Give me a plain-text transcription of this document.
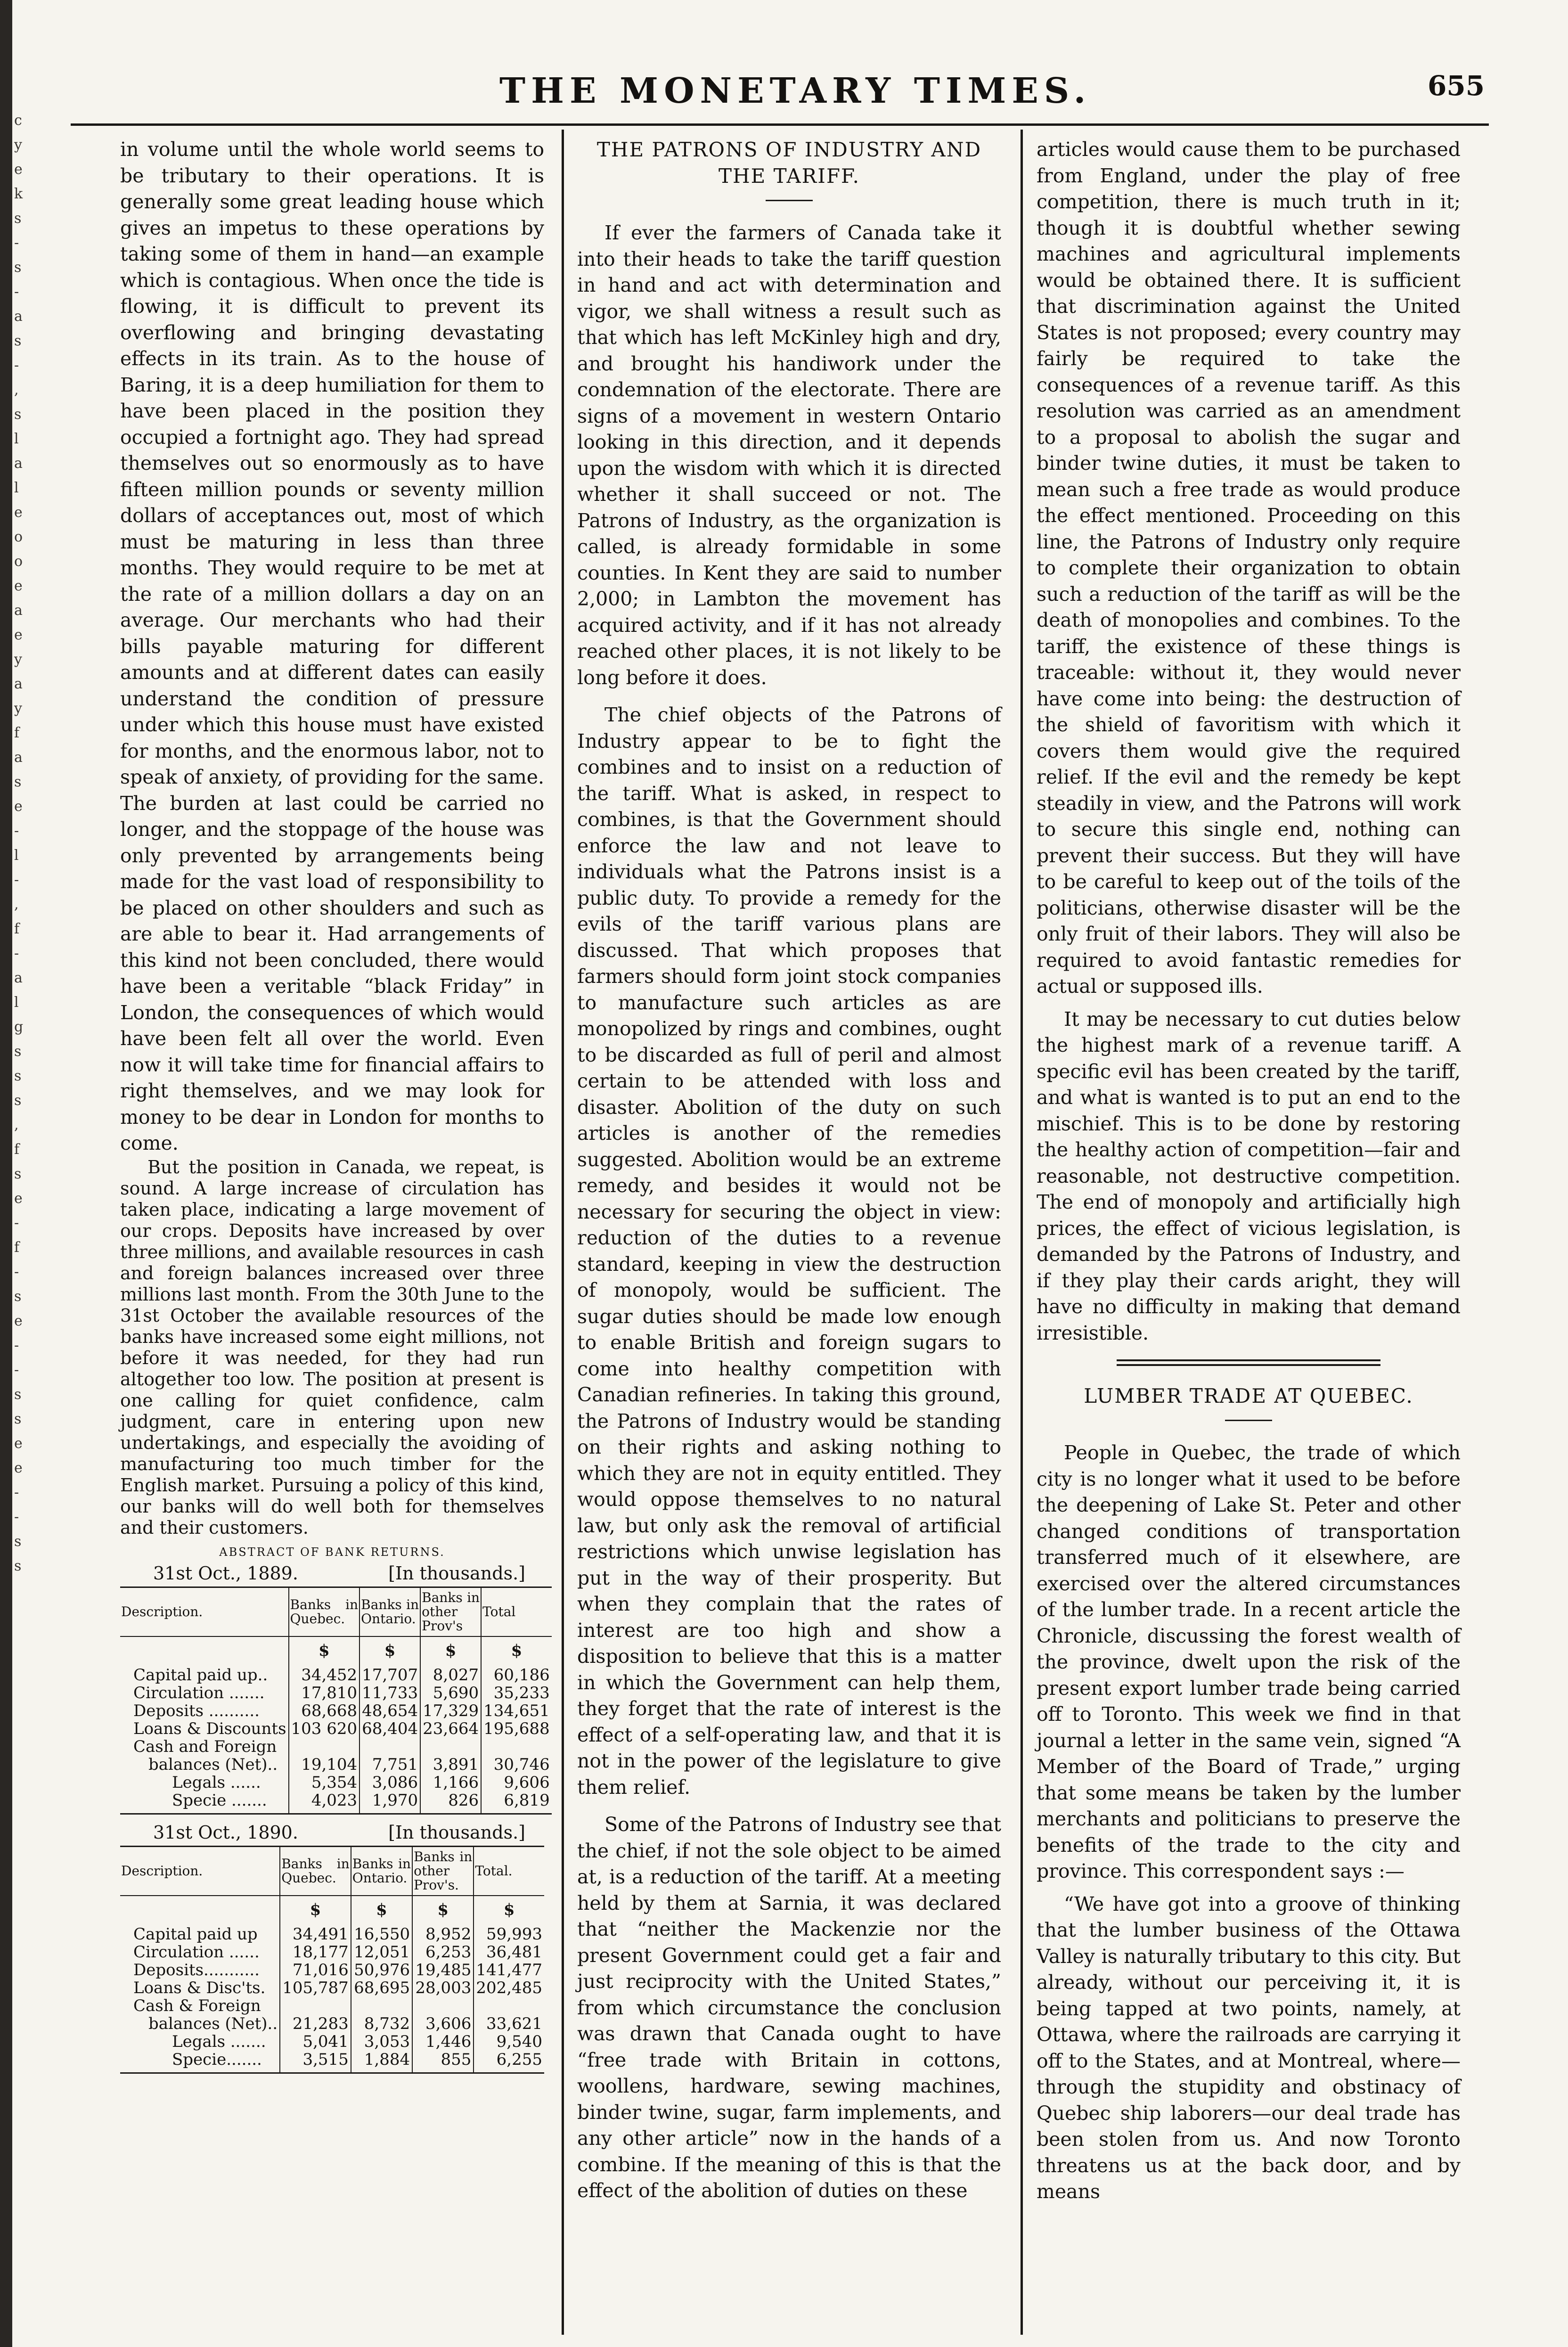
c
y
e
k
s
-
s
-
a
s
-
,
s
l
a
l
e
o
o
e
a
e
y
a
y
f
a
s
e
-
l
-
,
f
-
a
l
g
s
s
s
,
f
s
e
-
f
-
s
e
-
-
s
s
e
e
-
-
s
s
THE MONETARY TIMES.	655

in volume until the whole world seems to be tributary to their operations. It is generally some great leading house which gives an impetus to these operations by taking some of them in hand—an example which is contagious. When once the tide is flowing, it is difficult to prevent its overflowing and bringing devastating effects in its train. As to the house of Baring, it is a deep humiliation for them to have been placed in the position they occupied a fortnight ago. They had spread themselves out so enormously as to have fifteen million pounds or seventy million dollars of acceptances out, most of which must be maturing in less than three months. They would require to be met at the rate of a million dollars a day on an average. Our merchants who had their bills payable maturing for different amounts and at different dates can easily understand the condition of pressure under which this house must have existed for months, and the enormous labor, not to speak of anxiety, of providing for the same. The burden at last could be carried no longer, and the stoppage of the house was only prevented by arrangements being made for the vast load of responsibility to be placed on other shoulders and such as are able to bear it. Had arrangements of this kind not been concluded, there would have been a veritable “black Friday” in London, the consequences of which would have been felt all over the world. Even now it will take time for financial affairs to right themselves, and we may look for money to be dear in London for months to come.

But the position in Canada, we repeat, is sound. A large increase of circulation has taken place, indicating a large movement of our crops. Deposits have increased by over three millions, and available resources in cash and foreign balances increased over three millions last month. From the 30th June to the 31st October the available resources of the banks have increased some eight millions, not before it was needed, for they had run altogether too low. The position at present is one calling for quiet confidence, calm judgment, care in entering upon new undertakings, and especially the avoiding of manufacturing too much timber for the English market. Pursuing a policy of this kind, our banks will do well both for themselves and their customers.

ABSTRACT OF BANK RETURNS.
31st Oct., 1889.	[In thousands.]
Description.	Banks in Quebec.	Banks in Ontario.	Banks in other Prov's	Total
	$	$	$	$
Capital paid up..	34,452	17,707	8,027	60,186
Circulation .......	17,810	11,733	5,690	35,233
Deposits ..........	68,668	48,654	17,329	134,651
Loans & Discounts	103 620	68,404	23,664	195,688
Cash and Foreign				
balances (Net)..	19,104	7,751	3,891	30,746
Legals ......	5,354	3,086	1,166	9,606
Specie .......	4,023	1,970	826	6,819
31st Oct., 1890.	[In thousands.]
Description.	Banks in Quebec.	Banks in Ontario.	Banks in other Prov's.	Total.
	$	$	$	$
Capital paid up	34,491	16,550	8,952	59,993
Circulation ......	18,177	12,051	6,253	36,481
Deposits...........	71,016	50,976	19,485	141,477
Loans & Disc'ts.	105,787	68,695	28,003	202,485
Cash & Foreign				
balances (Net)..	21,283	8,732	3,606	33,621
Legals .......	5,041	3,053	1,446	9,540
Specie.......	3,515	1,884	855	6,255
THE PATRONS OF INDUSTRY AND THE TARIFF.

If ever the farmers of Canada take it into their heads to take the tariff question in hand and act with determination and vigor, we shall witness a result such as that which has left McKinley high and dry, and brought his handiwork under the condemnation of the electorate. There are signs of a movement in western Ontario looking in this direction, and it depends upon the wisdom with which it is directed whether it shall succeed or not. The Patrons of Industry, as the organization is called, is already formidable in some counties. In Kent they are said to number 2,000; in Lambton the movement has acquired activity, and if it has not already reached other places, it is not likely to be long before it does.

The chief objects of the Patrons of Industry appear to be to fight the combines and to insist on a reduction of the tariff. What is asked, in respect to combines, is that the Government should enforce the law and not leave to individuals what the Patrons insist is a public duty. To provide a remedy for the evils of the tariff various plans are discussed. That which proposes that farmers should form joint stock companies to manufacture such articles as are monopolized by rings and combines, ought to be discarded as full of peril and almost certain to be attended with loss and disaster. Abolition of the duty on such articles is another of the remedies suggested. Abolition would be an extreme remedy, and besides it would not be necessary for securing the object in view: reduction of the duties to a revenue standard, keeping in view the destruction of monopoly, would be sufficient. The sugar duties should be made low enough to enable British and foreign sugars to come into healthy competition with Canadian refineries. In taking this ground, the Patrons of Industry would be standing on their rights and asking nothing to which they are not in equity entitled. They would oppose themselves to no natural law, but only ask the removal of artificial restrictions which unwise legislation has put in the way of their prosperity. But when they complain that the rates of interest are too high and show a disposition to believe that this is a matter in which the Government can help them, they forget that the rate of interest is the effect of a self-operating law, and that it is not in the power of the legislature to give them relief.

Some of the Patrons of Industry see that the chief, if not the sole object to be aimed at, is a reduction of the tariff. At a meeting held by them at Sarnia, it was declared that “neither the Mackenzie nor the present Government could get a fair and just reciprocity with the United States,” from which circumstance the conclusion was drawn that Canada ought to have “free trade with Britain in cottons, woollens, hardware, sewing machines, binder twine, sugar, farm implements, and any other article” now in the hands of a combine. If the meaning of this is that the effect of the abolition of duties on these

articles would cause them to be purchased from England, under the play of free competition, there is much truth in it; though it is doubtful whether sewing machines and agricultural implements would be obtained there. It is sufficient that discrimination against the United States is not proposed; every country may fairly be required to take the consequences of a revenue tariff. As this resolution was carried as an amendment to a proposal to abolish the sugar and binder twine duties, it must be taken to mean such a free trade as would produce the effect mentioned. Proceeding on this line, the Patrons of Industry only require to complete their organization to obtain such a reduction of the tariff as will be the death of monopolies and combines. To the tariff, the existence of these things is traceable: without it, they would never have come into being: the destruction of the shield of favoritism with which it covers them would give the required relief. If the evil and the remedy be kept steadily in view, and the Patrons will work to secure this single end, nothing can prevent their success. But they will have to be careful to keep out of the toils of the politicians, otherwise disaster will be the only fruit of their labors. They will also be required to avoid fantastic remedies for actual or supposed ills.

It may be necessary to cut duties below the highest mark of a revenue tariff. A specific evil has been created by the tariff, and what is wanted is to put an end to the mischief. This is to be done by restoring the healthy action of competition—fair and reasonable, not destructive competition. The end of monopoly and artificially high prices, the effect of vicious legislation, is demanded by the Patrons of Industry, and if they play their cards aright, they will have no difficulty in making that demand irresistible.

LUMBER TRADE AT QUEBEC.

People in Quebec, the trade of which city is no longer what it used to be before the deepening of Lake St. Peter and other changed conditions of transportation transferred much of it elsewhere, are exercised over the altered circumstances of the lumber trade. In a recent article the Chronicle, discussing the forest wealth of the province, dwelt upon the risk of the present export lumber trade being carried off to Toronto. This week we find in that journal a letter in the same vein, signed “A Member of the Board of Trade,” urging that some means be taken by the lumber merchants and politicians to preserve the benefits of the trade to the city and province. This correspondent says :—

“We have got into a groove of thinking that the lumber business of the Ottawa Valley is naturally tributary to this city. But already, without our perceiving it, it is being tapped at two points, namely, at Ottawa, where the railroads are carrying it off to the States, and at Montreal, where—through the stupidity and obstinacy of Quebec ship laborers—our deal trade has been stolen from us. And now Toronto threatens us at the back door, and by means
